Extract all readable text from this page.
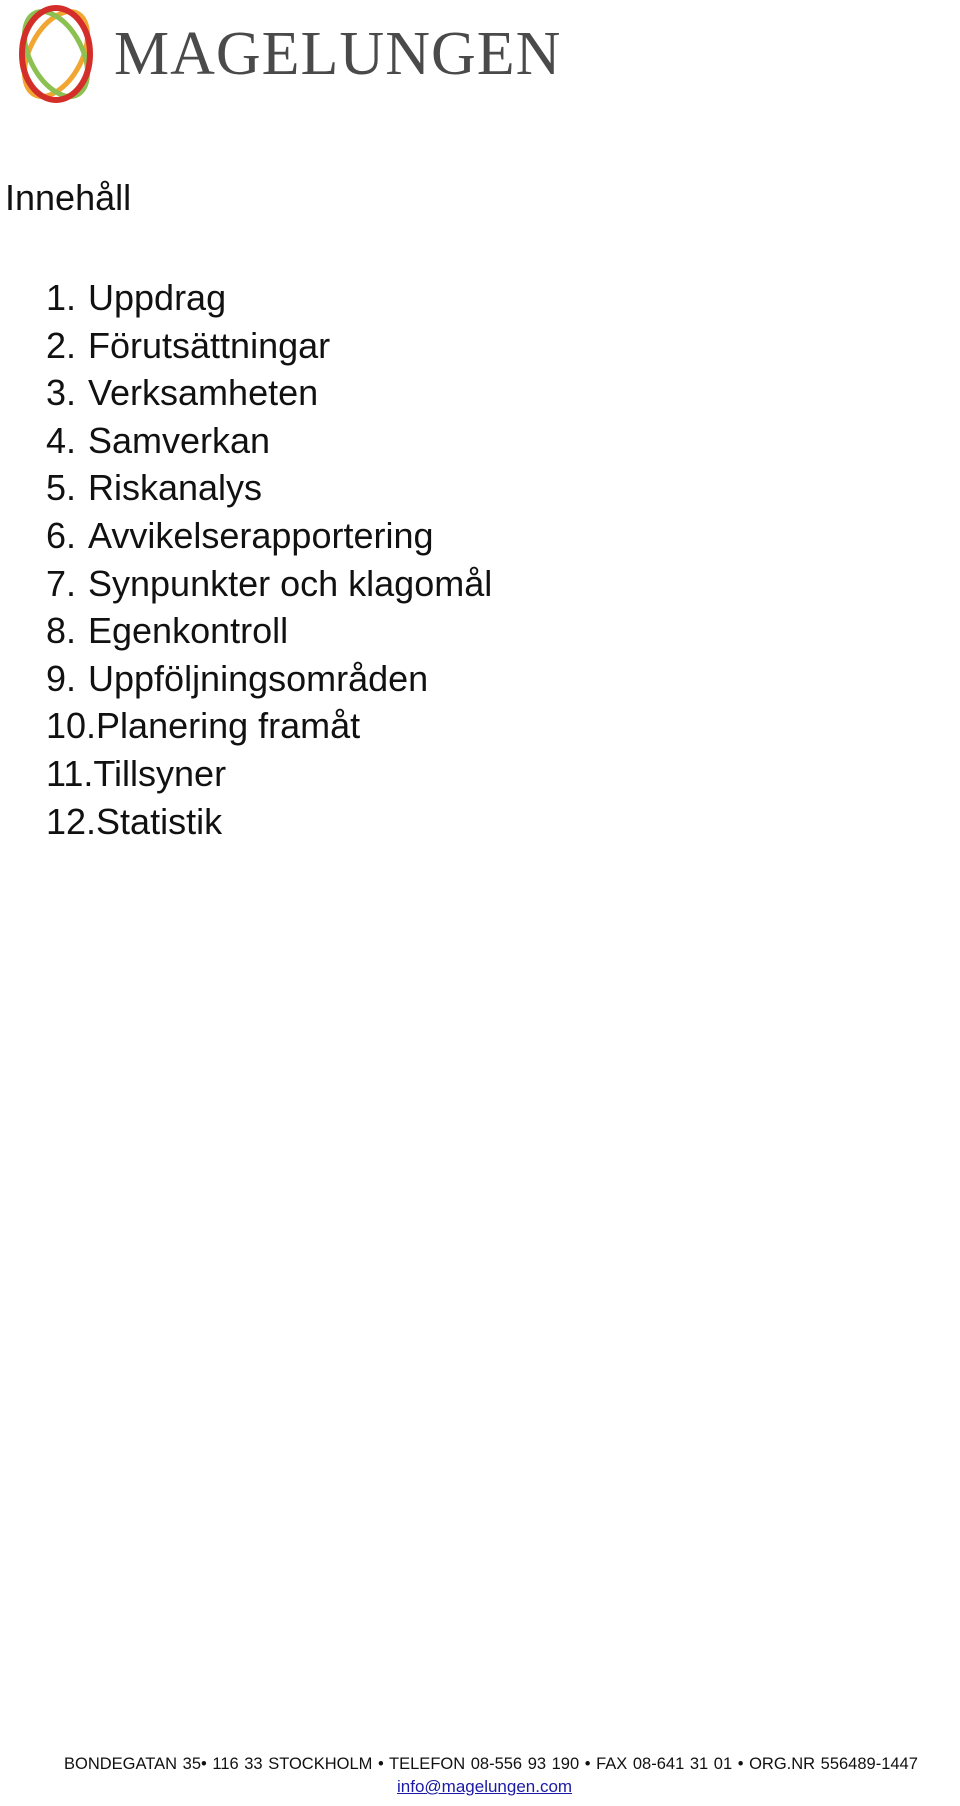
MAGELUNGEN
Innehåll
1. Uppdrag
2. Förutsättningar
3. Verksamheten
4. Samverkan
5. Riskanalys
6. Avvikelserapportering
7. Synpunkter och klagomål
8. Egenkontroll
9. Uppföljningsområden
10. Planering framåt
11. Tillsyner
12. Statistik
BONDEGATAN 35• 116 33 STOCKHOLM • TELEFON 08-556 93 190 • FAX 08-641 31 01 • ORG.NR 556489-1447
info@magelungen.com
